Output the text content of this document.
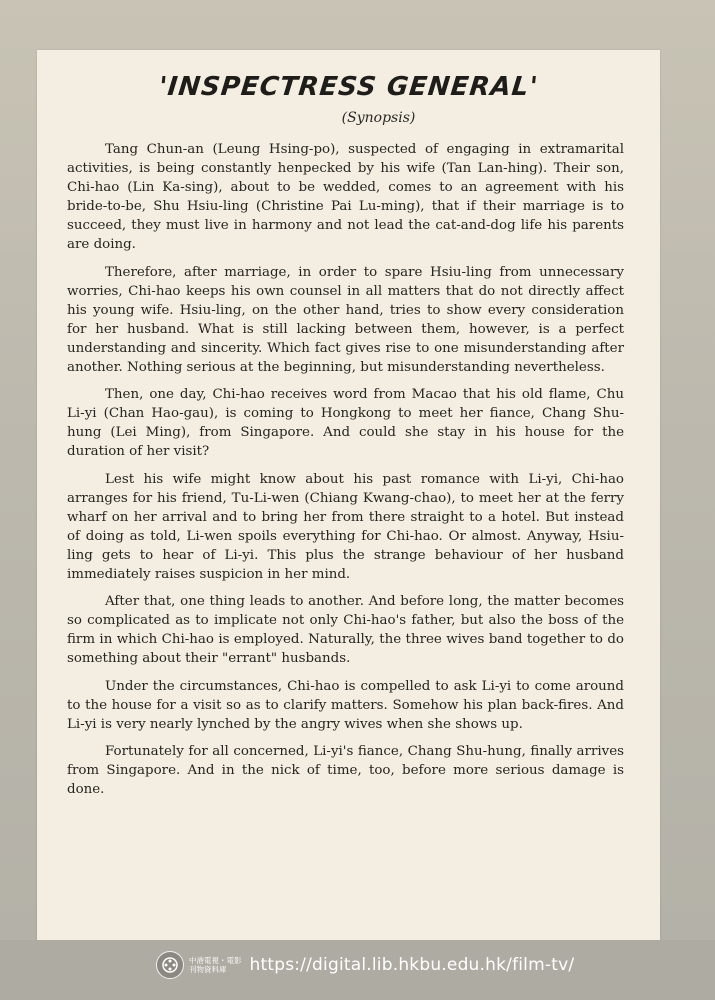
'INSPECTRESS GENERAL'
(Synopsis)

Tang Chun-an (Leung Hsing-po), suspected of engaging in extramarital activities, is being constantly henpecked by his wife (Tan Lan-hing). Their son, Chi-hao (Lin Ka-sing), about to be wedded, comes to an agreement with his bride-to-be, Shu Hsiu-ling (Christine Pai Lu-ming), that if their marriage is to succeed, they must live in harmony and not lead the cat-and-dog life his parents are doing.

Therefore, after marriage, in order to spare Hsiu-ling from unnecessary worries, Chi-hao keeps his own counsel in all matters that do not directly affect his young wife. Hsiu-ling, on the other hand, tries to show every consideration for her husband. What is still lacking between them, however, is a perfect understanding and sincerity. Which fact gives rise to one misunderstanding after another. Nothing serious at the beginning, but misunderstanding nevertheless.

Then, one day, Chi-hao receives word from Macao that his old flame, Chu Li-yi (Chan Hao-gau), is coming to Hongkong to meet her fiance, Chang Shu-hung (Lei Ming), from Singapore. And could she stay in his house for the duration of her visit?

Lest his wife might know about his past romance with Li-yi, Chi-hao arranges for his friend, Tu-Li-wen (Chiang Kwang-chao), to meet her at the ferry wharf on her arrival and to bring her from there straight to a hotel. But instead of doing as told, Li-wen spoils everything for Chi-hao. Or almost. Anyway, Hsiu-ling gets to hear of Li-yi. This plus the strange behaviour of her husband immediately raises suspicion in her mind.

After that, one thing leads to another. And before long, the matter becomes so complicated as to implicate not only Chi-hao's father, but also the boss of the firm in which Chi-hao is employed. Naturally, the three wives band together to do something about their "errant" husbands.

Under the circumstances, Chi-hao is compelled to ask Li-yi to come around to the house for a visit so as to clarify matters. Somehow his plan back-fires. And Li-yi is very nearly lynched by the angry wives when she shows up.

Fortunately for all concerned, Li-yi's fiance, Chang Shu-hung, finally arrives from Singapore. And in the nick of time, too, before more serious damage is done.

中港電視・電影
刊物資料庫	https://digital.lib.hkbu.edu.hk/film-tv/
